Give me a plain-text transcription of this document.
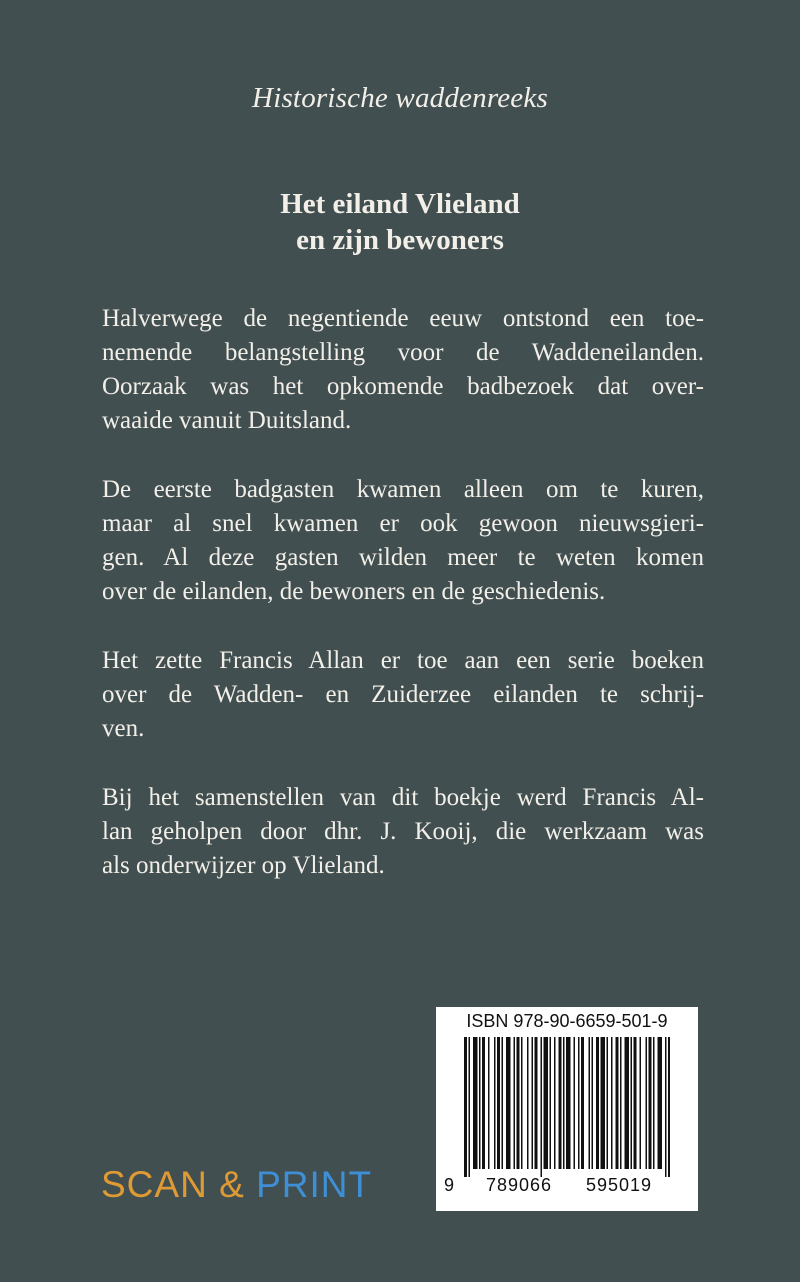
Historische waddenreeks
Het eiland Vlieland
en zijn bewoners
Halverwege de negentiende eeuw ontstond een toe-
nemende belangstelling voor de Waddeneilanden.
Oorzaak was het opkomende badbezoek dat over-
waaide vanuit Duitsland.
De eerste badgasten kwamen alleen om te kuren,
maar al snel kwamen er ook gewoon nieuwsgieri-
gen. Al deze gasten wilden meer te weten komen
over de eilanden, de bewoners en de geschiedenis.
Het zette Francis Allan er toe aan een serie boeken
over de Wadden- en Zuiderzee eilanden te schrij-
ven.
Bij het samenstellen van dit boekje werd Francis Al-
lan geholpen door dhr. J. Kooij, die werkzaam was
als onderwijzer op Vlieland.
ISBN 978-90-6659-501-9
9 789066 595019
SCAN & PRINT
